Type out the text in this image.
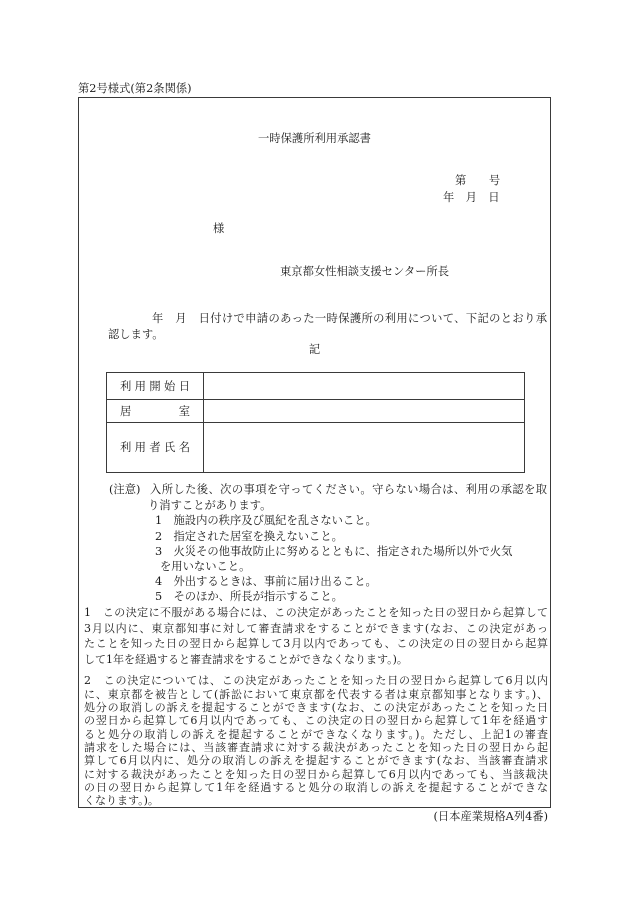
第2号様式(第2条関係)
一時保護所利用承認書
第　　号
年　月　日
様
東京都女性相談支援センター所長
年　月　日付けで申請のあった一時保護所の利用について、下記のとおり承
認します。
記
利用開始日
居　　室
利用者氏名
(注意) 入所した後、次の事項を守ってください。守らない場合は、利用の承認を取
り消すことがあります。
1　施設内の秩序及び風紀を乱さないこと。
2　指定された居室を換えないこと。
3　火災その他事故防止に努めるとともに、指定された場所以外で火気
を用いないこと。
4　外出するときは、事前に届け出ること。
5　そのほか、所長が指示すること。
1　この決定に不服がある場合には、この決定があったことを知った日の翌日から起算して
3月以内に、東京都知事に対して審査請求をすることができます(なお、この決定があっ
たことを知った日の翌日から起算して3月以内であっても、この決定の日の翌日から起算
して1年を経過すると審査請求をすることができなくなります。)。
2　この決定については、この決定があったことを知った日の翌日から起算して6月以内
に、東京都を被告として(訴訟において東京都を代表する者は東京都知事となります。)、
処分の取消しの訴えを提起することができます(なお、この決定があったことを知った日
の翌日から起算して6月以内であっても、この決定の日の翌日から起算して1年を経過す
ると処分の取消しの訴えを提起することができなくなります。)。ただし、上記1の審査
請求をした場合には、当該審査請求に対する裁決があったことを知った日の翌日から起
算して6月以内に、処分の取消しの訴えを提起することができます(なお、当該審査請求
に対する裁決があったことを知った日の翌日から起算して6月以内であっても、当該裁決
の日の翌日から起算して1年を経過すると処分の取消しの訴えを提起することができな
くなります。)。
(日本産業規格A列4番)
